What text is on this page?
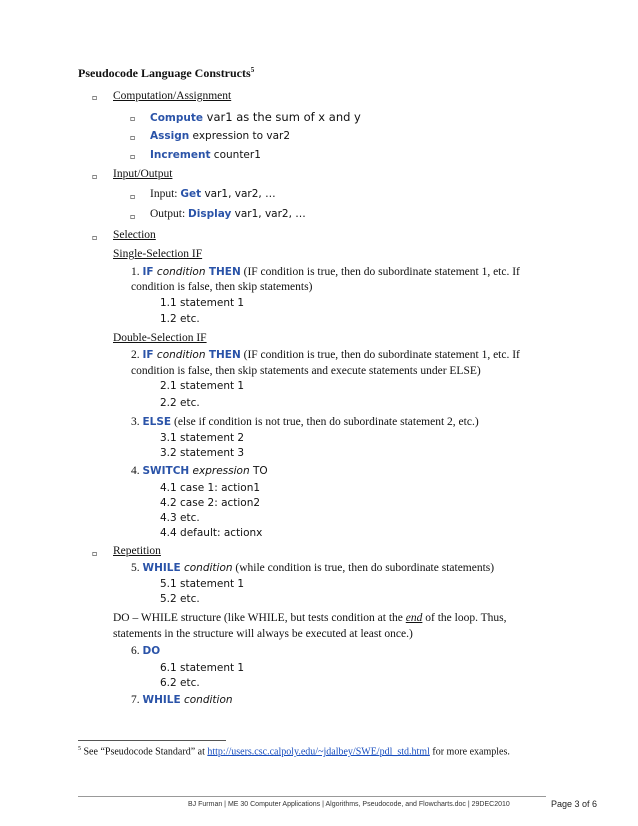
Pseudocode Language Constructs$^5$
▫ Computation/Assignment
▫ Compute var1 as the sum of x and y
▫ Assign expression to var2
▫ Increment counter1
▫ Input/Output
▫ Input: Get var1, var2, …
▫ Output: Display var1, var2, …
▫ Selection
Single-Selection IF
1. IF condition THEN (IF condition is true, then do subordinate statement 1, etc. If
condition is false, then skip statements)
1.1 statement 1
1.2 etc.
Double-Selection IF
2. IF condition THEN (IF condition is true, then do subordinate statement 1, etc. If
condition is false, then skip statements and execute statements under ELSE)
2.1 statement 1
2.2 etc.
3. ELSE (else if condition is not true, then do subordinate statement 2, etc.)
3.1 statement 2
3.2 statement 3
4. SWITCH expression TO
4.1 case 1: action1
4.2 case 2: action2
4.3 etc.
4.4 default: actionx
▫ Repetition
5. WHILE condition (while condition is true, then do subordinate statements)
5.1 statement 1
5.2 etc.
DO – WHILE structure (like WHILE, but tests condition at the end of the loop. Thus,
statements in the structure will always be executed at least once.)
6. DO
6.1 statement 1
6.2 etc.
7. WHILE condition
$^5$ See “Pseudocode Standard” at http://users.csc.calpoly.edu/~jdalbey/SWE/pdl_std.html for more examples.
BJ Furman | ME 30 Computer Applications | Algorithms, Pseudocode, and Flowcharts.doc | 29DEC2010	Page 3 of 6
